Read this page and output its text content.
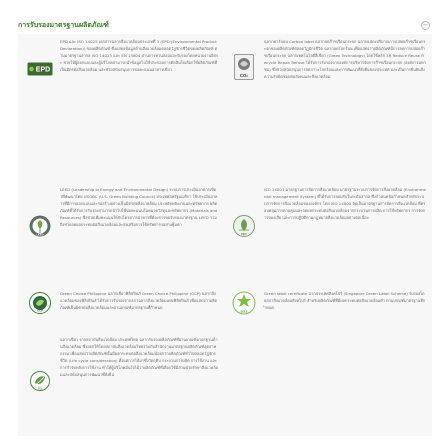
การรับรองมาตรฐานผลิตภัณฑ์	−
EPD
EPD และ ISO 14025 เอกสารฉลากสิ่งแวดล้อมประเภทที่ 3 (EPD (Environmental Product Declaration)) ของผลิตภัณฑ์ ซึ่งแสดงข้อมูลด้านสิ่งแวดล้อมตลอดวัฏจักรชีวิตของผลิตภัณฑ์ ตามมาตรฐานสากล ISO 14025 และ EN 15804 ผ่านการทวนสอบและรับรองโดยหน่วยงานอิสระ ช่วยให้ผู้ออกแบบและผู้บริโภคสามารถนำข้อมูลไปใช้ประกอบการตัดสินใจเลือกใช้ผลิตภัณฑ์ที่เป็นมิตรต่อสิ่งแวดล้อม และช่วยสนับสนุนการขอคะแนนอาคารเขียว
CO₂
ฉลากคาร์บอน Carbon label ฉลากลดก๊าซเรือนกระจก ฉลากแสดงปริมาณการปล่อยก๊าซเรือนกระจกของผลิตภัณฑ์ตลอดวัฏจักรชีวิต ฉลากลดโลกร้อน เพื่อแสดงว่าผลิตภัณฑ์มีการลดการปล่อยก๊าซเรือนกระจก ฉลากเทคโนโลยีสีเขียว (Green Technology) โดยใช้หลัก 3R Reduce Reuse Recycle Repair Refuse ได้รับการรับรองจากองค์การบริหารจัดการก๊าซเรือนกระจก (องค์การมหาชน) ซึ่งช่วยสนับสนุนการลดภาวะโลกร้อนและการพัฒนาที่ยั่งยืนของประเทศ และเป็นการยืนยันถึงความรับผิดชอบต่อสังคมและสิ่งแวดล้อม
LEED
LEED (Leadership in Energy and Environmental Design) ระบบการประเมินอาคารเขียวที่พัฒนาโดย USGBC (U.S. Green Building Council) ประเทศสหรัฐอเมริกา ใช้ประเมินอาคารที่มีการออกแบบและก่อสร้างอย่างเป็นมิตรต่อสิ่งแวดล้อม ประหยัดพลังงานและทรัพยากร ผลิตภัณฑ์ที่ได้รับการรับรองสามารถนำไปใช้ขอคะแนนในหมวดวัสดุและทรัพยากร (Materials and Resources) ซึ่งช่วยเพิ่มคะแนนให้กับโครงการอาคารที่ต้องการขอรับรองมาตรฐาน LEED รวมถึงช่วยลดผลกระทบต่อสิ่งแวดล้อมและส่งเสริมการใช้ทรัพยากรอย่างคุ้มค่า
ISO
ISO 14001 มาตรฐานการจัดการสิ่งแวดล้อม มาตรฐานระบบการจัดการสิ่งแวดล้อม (Environmental management System) ที่ได้รับการยอมรับในระดับสากล ซึ่งกำหนดข้อกำหนดสำหรับระบบการจัดการสิ่งแวดล้อมขององค์กร โดย ISO 14000 จัดเป็นมาตรฐานการจัดการสิ่งแวดล้อม ที่ครอบคลุมการควบคุมและลดผลกระทบต่อสิ่งแวดล้อมจากกระบวนการผลิต การใช้ทรัพยากร การจัดการของเสีย และการปฏิบัติตามกฎหมายสิ่งแวดล้อมอย่างต่อเนื่อง
GCP
Green Choice Philippine ฉลากเขียวฟิลิปปินส์ Green Choice Philippine (GCP) ฉลากสิ่งแวดล้อมของฟิลิปปินส์ ได้รับการรับรองจากสภาฉลากสิ่งแวดล้อมแห่งฟิลิปปินส์ เพื่อแสดงว่าผลิตภัณฑ์เป็นมิตรต่อสิ่งแวดล้อมและผ่านเกณฑ์มาตรฐานที่กำหนด
SGLS
Green label certificate ฉากประเทศสิงคโปร์ (Singapore Green Label Scheme) รับรองโดยสภาสิ่งแวดล้อมสิงคโปร์ สำหรับผลิตภัณฑ์ที่มีผลกระทบต่อสิ่งแวดล้อมต่ำ ตามเกณฑ์มาตรฐานที่กำหนด
TGL
ฉลากเขียว จากสถาบันสิ่งแวดล้อม ประเทศไทย ฉลากรับรองผลิตภัณฑ์ที่ผ่านเกณฑ์มาตรฐานด้านสิ่งแวดล้อม ซึ่งออกให้โดยสถาบันสิ่งแวดล้อมไทยร่วมกับสำนักงานมาตรฐานผลิตภัณฑ์อุตสาหกรรม เพื่อแสดงว่าผลิตภัณฑ์นั้นมีผลกระทบต่อสิ่งแวดล้อมน้อยกว่าผลิตภัณฑ์ทั่วไปตลอดวัฏจักรชีวิต (Life cycle consideration) ตั้งแต่การได้มาซึ่งวัตถุดิบ กระบวนการผลิต การใช้งาน และการกำจัดหลังการใช้งาน ทำให้ผู้บริโภคมั่นใจได้ว่าผลิตภัณฑ์ที่เลือกใช้มีส่วนช่วยรักษาสิ่งแวดล้อมและสนับสนุนการพัฒนาที่ยั่งยืน
